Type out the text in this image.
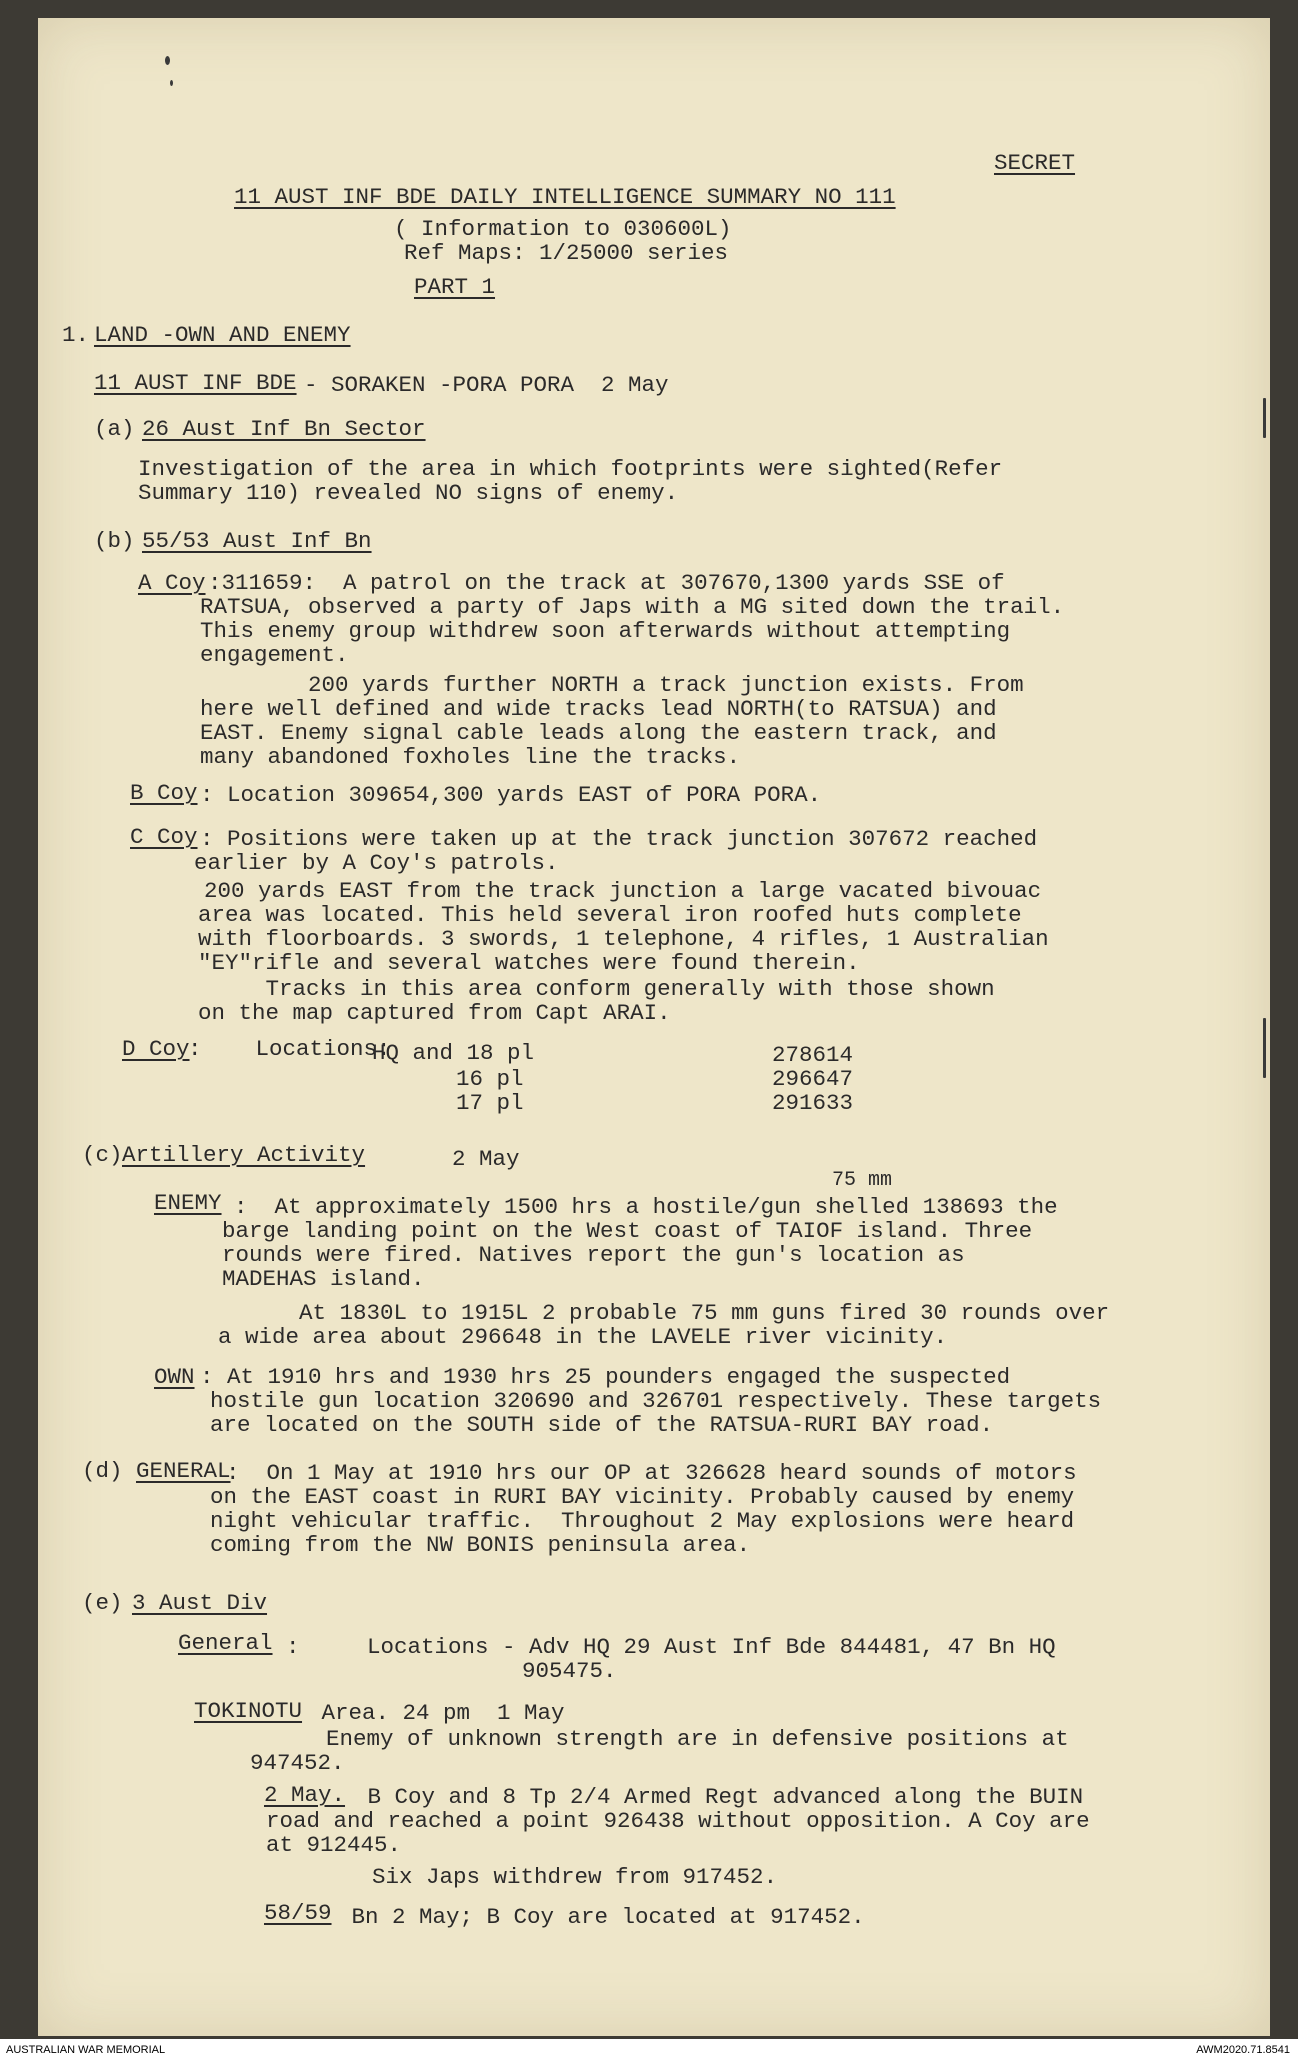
SECRET
11 AUST INF BDE DAILY INTELLIGENCE SUMMARY NO 111
( Information to 030600L)
Ref Maps: 1/25000 series
PART 1
1. LAND -OWN AND ENEMY
11 AUST INF BDE - SORAKEN -PORA PORA  2 May
(a) 26 Aust Inf Bn Sector
Investigation of the area in which footprints were sighted(Refer
Summary 110) revealed NO signs of enemy.
(b) 55/53 Aust Inf Bn
A Coy :311659:  A patrol on the track at 307670,1300 yards SSE of
RATSUA, observed a party of Japs with a MG sited down the trail.
This enemy group withdrew soon afterwards without attempting
engagement.
200 yards further NORTH a track junction exists. From
here well defined and wide tracks lead NORTH(to RATSUA) and
EAST. Enemy signal cable leads along the eastern track, and
many abandoned foxholes line the tracks.
B Coy : Location 309654,300 yards EAST of PORA PORA.
C Coy : Positions were taken up at the track junction 307672 reached
earlier by A Coy's patrols.
200 yards EAST from the track junction a large vacated bivouac
area was located. This held several iron roofed huts complete
with floorboards. 3 swords, 1 telephone, 4 rifles, 1 Australian
"EY"rifle and several watches were found therein.
Tracks in this area conform generally with those shown
on the map captured from Capt ARAI.
D Coy
:    Locations:
HQ and 18 pl	278614
16 pl	296647
17 pl	291633
(c) Artillery Activity	2 May
75 mm
ENEMY :  At approximately 1500 hrs a hostile/gun shelled 138693 the
barge landing point on the West coast of TAIOF island. Three
rounds were fired. Natives report the gun's location as
MADEHAS island.
At 1830L to 1915L 2 probable 75 mm guns fired 30 rounds over
a wide area about 296648 in the LAVELE river vicinity.
OWN : At 1910 hrs and 1930 hrs 25 pounders engaged the suspected
hostile gun location 320690 and 326701 respectively. These targets
are located on the SOUTH side of the RATSUA-RURI BAY road.
(d) GENERAL
:  On 1 May at 1910 hrs our OP at 326628 heard sounds of motors
on the EAST coast in RURI BAY vicinity. Probably caused by enemy
night vehicular traffic.  Throughout 2 May explosions were heard
coming from the NW BONIS peninsula area.
(e) 3 Aust Div
General :     Locations - Adv HQ 29 Aust Inf Bde 844481, 47 Bn HQ
905475.
TOKINOTU Area. 24 pm  1 May
Enemy of unknown strength are in defensive positions at
947452.
2 May. B Coy and 8 Tp 2/4 Armed Regt advanced along the BUIN
road and reached a point 926438 without opposition. A Coy are
at 912445.
Six Japs withdrew from 917452.
58/59 Bn 2 May; B Coy are located at 917452.
AUSTRALIAN WAR MEMORIAL	AWM2020.71.8541
